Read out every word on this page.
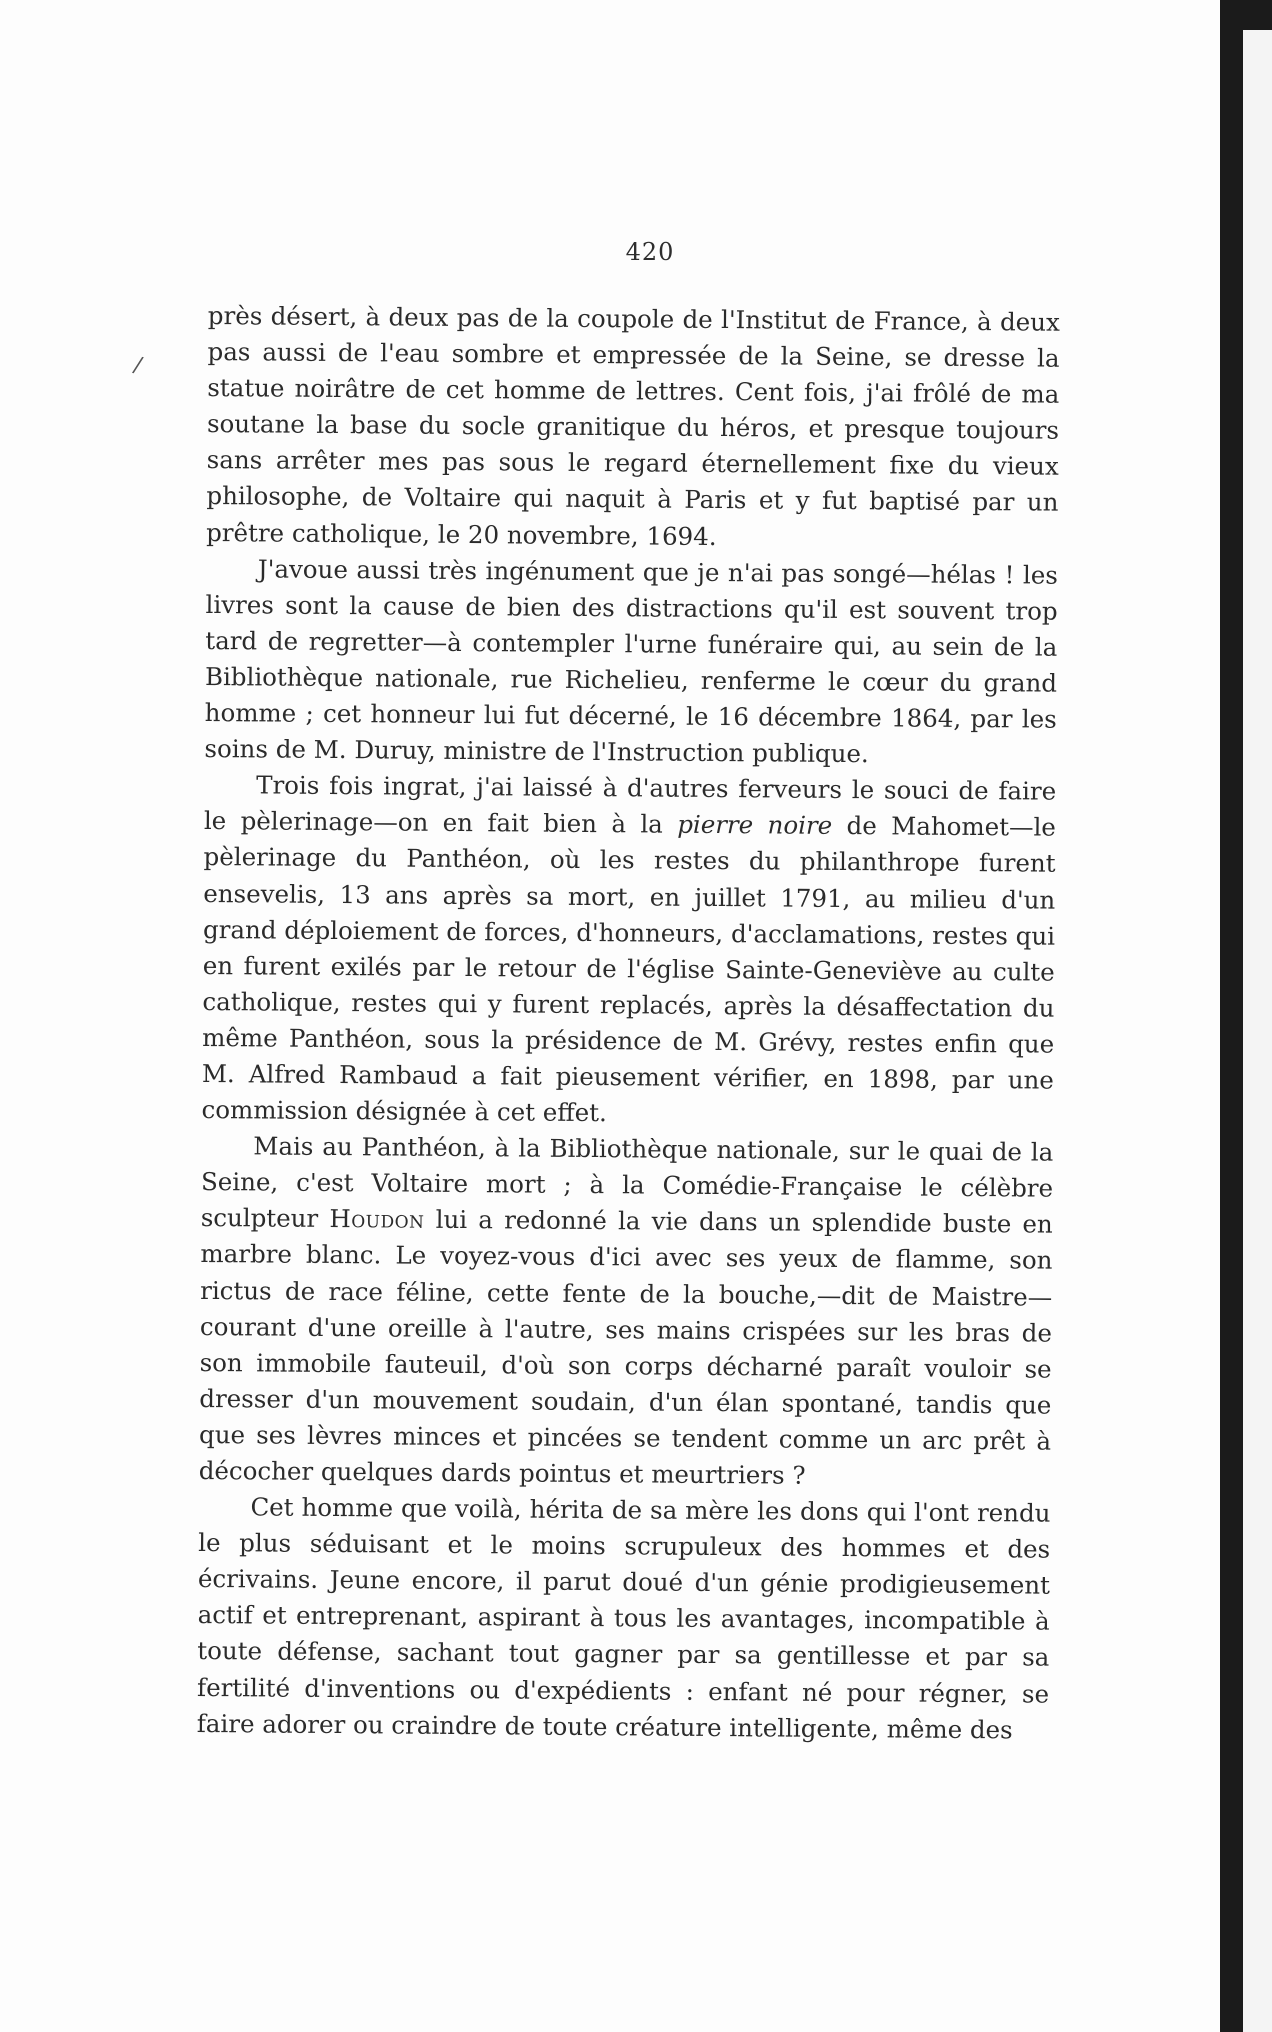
/
420

près désert, à deux pas de la coupole de l'Institut de France, à deux pas aussi de l'eau sombre et empressée de la Seine, se dresse la statue noirâtre de cet homme de lettres. Cent fois, j'ai frôlé de ma soutane la base du socle granitique du héros, et presque toujours sans arrêter mes pas sous le regard éternellement fixe du vieux philosophe, de Voltaire qui naquit à Paris et y fut baptisé par un prêtre catholique, le 20 novembre, 1694.

J'avoue aussi très ingénument que je n'ai pas songé—hélas ! les livres sont la cause de bien des distractions qu'il est souvent trop tard de regretter—à contempler l'urne funéraire qui, au sein de la Bibliothèque nationale, rue Richelieu, renferme le cœur du grand homme ; cet honneur lui fut décerné, le 16 décembre 1864, par les soins de M. Duruy, ministre de l'Instruction publique.

Trois fois ingrat, j'ai laissé à d'autres ferveurs le souci de faire le pèlerinage—on en fait bien à la pierre noire de Mahomet—le pèlerinage du Panthéon, où les restes du philanthrope furent ensevelis, 13 ans après sa mort, en juillet 1791, au milieu d'un grand déploiement de forces, d'honneurs, d'acclamations, restes qui en furent exilés par le retour de l'église Sainte-Geneviève au culte catholique, restes qui y furent replacés, après la désaffectation du même Panthéon, sous la présidence de M. Grévy, restes enfin que M. Alfred Rambaud a fait pieusement vérifier, en 1898, par une commission désignée à cet effet.

Mais au Panthéon, à la Bibliothèque nationale, sur le quai de la Seine, c'est Voltaire mort ; à la Comédie-Française le célèbre sculpteur Houdon lui a redonné la vie dans un splendide buste en marbre blanc. Le voyez-vous d'ici avec ses yeux de flamme, son rictus de race féline, cette fente de la bouche,—dit de Maistre—courant d'une oreille à l'autre, ses mains crispées sur les bras de son immobile fauteuil, d'où son corps décharné paraît vouloir se dresser d'un mouvement soudain, d'un élan spontané, tandis que que ses lèvres minces et pincées se tendent comme un arc prêt à décocher quelques dards pointus et meurtriers ?

Cet homme que voilà, hérita de sa mère les dons qui l'ont rendu le plus séduisant et le moins scrupuleux des hommes et des écrivains. Jeune encore, il parut doué d'un génie prodigieusement actif et entreprenant, aspirant à tous les avantages, incompatible à toute défense, sachant tout gagner par sa gentillesse et par sa fertilité d'inventions ou d'expédients : enfant né pour régner, se faire adorer ou craindre de toute créature intelligente, même des
